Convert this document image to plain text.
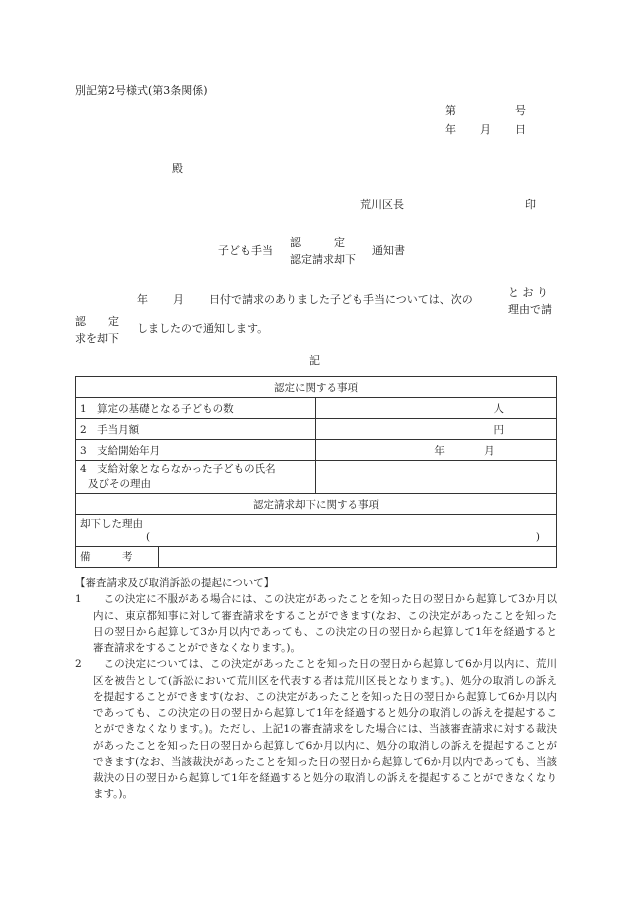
別記第2号様式(第3条関係)
第	号
年 月 日
殿
荒川区長	印
子ども手当
認　　　定
認定請求却下
通知書
年 月 日付で請求のありました子ども手当については、次の
と お り
理由で請
認　　定
求を却下
しましたので通知します。
記
認定に関する事項	
1　算定の基礎となる子どもの数	人
2　手当月額	円
3　支給開始年月	年 月

4　支給対象とならなかった子どもの氏名
及びその理由	

認定請求却下に関する事項	

却下した理由
( )	

備　　　考	
【審査請求及び取消訴訟の提起について】
1	　この決定に不服がある場合には、この決定があったことを知った日の翌日から起算して3か月以内に、東京都知事に対して審査請求をすることができます(なお、この決定があったことを知った日の翌日から起算して3か月以内であっても、この決定の日の翌日から起算して1年を経過すると審査請求をすることができなくなります。)。
2	　この決定については、この決定があったことを知った日の翌日から起算して6か月以内に、荒川区を被告として(訴訟において荒川区を代表する者は荒川区長となります。)、処分の取消しの訴えを提起することができます(なお、この決定があったことを知った日の翌日から起算して6か月以内であっても、この決定の日の翌日から起算して1年を経過すると処分の取消しの訴えを提起することができなくなります。)。ただし、上記1の審査請求をした場合には、当該審査請求に対する裁決があったことを知った日の翌日から起算して6か月以内に、処分の取消しの訴えを提起することができます(なお、当該裁決があったことを知った日の翌日から起算して6か月以内であっても、当該裁決の日の翌日から起算して1年を経過すると処分の取消しの訴えを提起することができなくなります。)。
